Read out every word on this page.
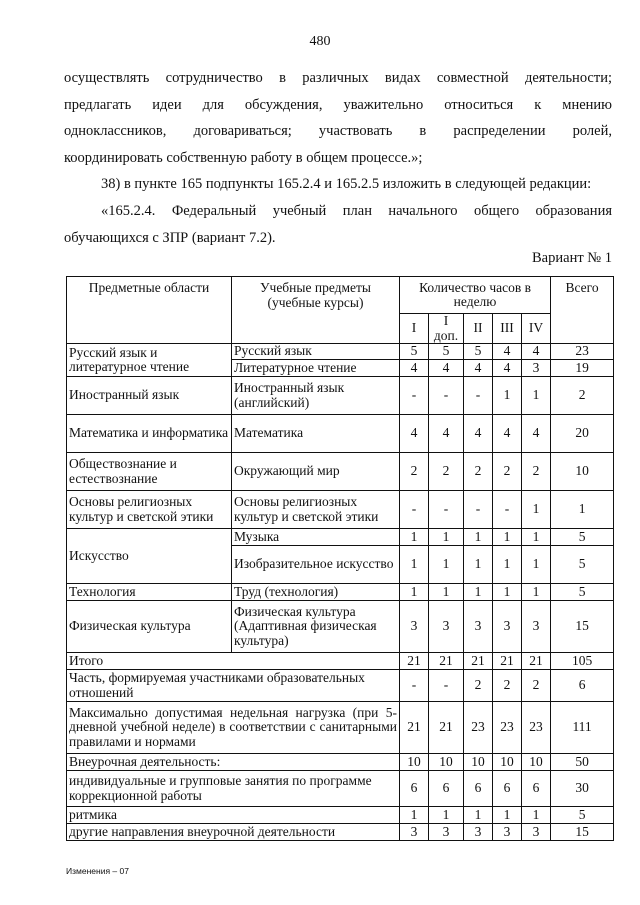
480
осуществлять сотрудничество в различных видах совместной деятельности;
предлагать идеи для обсуждения, уважительно относиться к мнению
одноклассников, договариваться; участвовать в распределении ролей,
координировать собственную работу в общем процессе.»;
38) в пункте 165 подпункты 165.2.4 и 165.2.5 изложить в следующей редакции:
«165.2.4. Федеральный учебный план начального общего образования
обучающихся с ЗПР (вариант 7.2).
Вариант № 1
Предметные области	Учебные предметы (учебные курсы)	Количество часов в неделю					Всего
		I	I доп.	II	III	IV	
Русский язык и литературное чтение	Русский язык	5	5	5	4	4	23
	Литературное чтение	4	4	4	4	3	19
Иностранный язык	Иностранный язык (английский)	-	-	-	1	1	2
Математика и информатика	Математика	4	4	4	4	4	20
Обществознание и естествознание	Окружающий мир	2	2	2	2	2	10
Основы религиозных культур и светской этики	Основы религиозных культур и светской этики	-	-	-	-	1	1
Искусство	Музыка	1	1	1	1	1	5
	Изобразительное искусство	1	1	1	1	1	5
Технология	Труд (технология)	1	1	1	1	1	5
Физическая культура	Физическая культура (Адаптивная физическая культура)	3	3	3	3	3	15
Итого		21	21	21	21	21	105
Часть, формируемая участниками образовательных отношений		-	-	2	2	2	6
Максимально допустимая недельная нагрузка (при 5-дневной учебной неделе) в соответствии с санитарными правилами и нормами		21	21	23	23	23	111
Внеурочная деятельность:		10	10	10	10	10	50
индивидуальные и групповые занятия по программе коррекционной работы		6	6	6	6	6	30
ритмика		1	1	1	1	1	5
другие направления внеурочной деятельности		3	3	3	3	3	15
Изменения – 07
